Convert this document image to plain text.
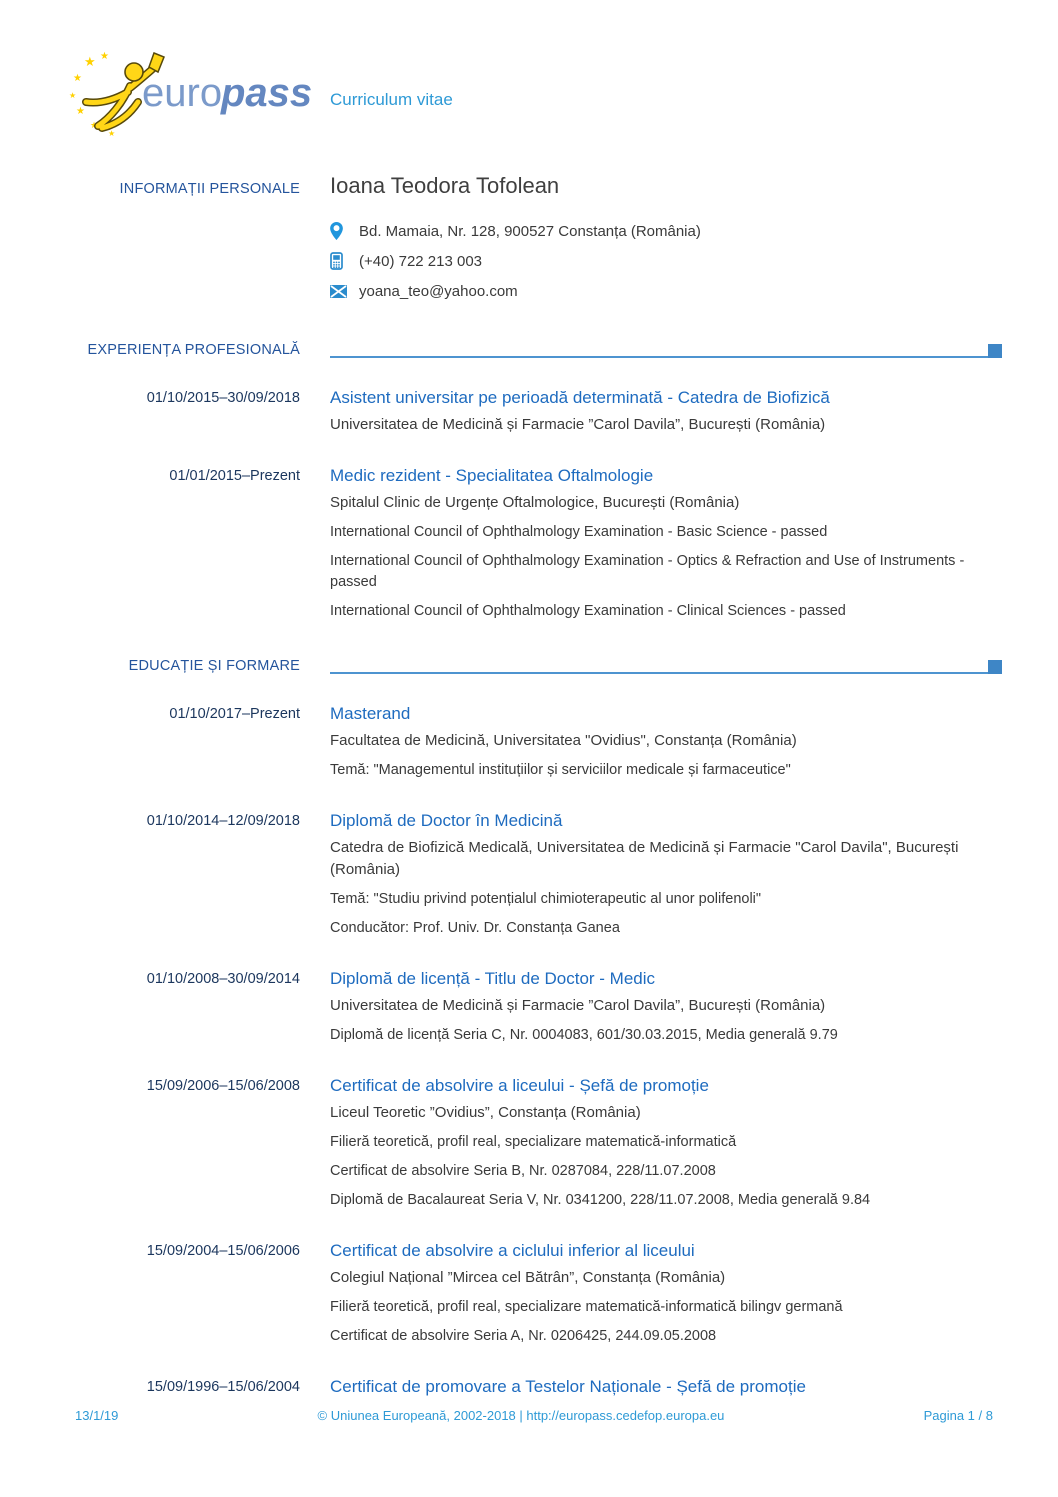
★ ★
★
★
★
★
★
euro
pass Curriculum vitae
INFORMAȚII PERSONALE Ioana Teodora Tofolean
Bd. Mamaia, Nr. 128, 900527 Constanța (România)
(+40) 722 213 003
yoana_teo@yahoo.com
EXPERIENȚA PROFESIONALĂ
01/10/2015–30/09/2018 Asistent universitar pe perioadă determinată - Catedra de Biofizică
Universitatea de Medicină și Farmacie ”Carol Davila”, București (România)
01/01/2015–Prezent Medic rezident - Specialitatea Oftalmologie
Spitalul Clinic de Urgențe Oftalmologice, București (România)
International Council of Ophthalmology Examination - Basic Science - passed
International Council of Ophthalmology Examination - Optics & Refraction and Use of Instruments - passed
International Council of Ophthalmology Examination - Clinical Sciences - passed
EDUCAȚIE ȘI FORMARE
01/10/2017–Prezent Masterand
Facultatea de Medicină, Universitatea "Ovidius", Constanța (România)
Temă: "Managementul instituțiilor și serviciilor medicale și farmaceutice"
01/10/2014–12/09/2018 Diplomă de Doctor în Medicină
Catedra de Biofizică Medicală, Universitatea de Medicină și Farmacie "Carol Davila", București (România)
Temă: "Studiu privind potențialul chimioterapeutic al unor polifenoli"
Conducător: Prof. Univ. Dr. Constanța Ganea
01/10/2008–30/09/2014 Diplomă de licență - Titlu de Doctor - Medic
Universitatea de Medicină și Farmacie ”Carol Davila”, București (România)
Diplomă de licență Seria C, Nr. 0004083, 601/30.03.2015, Media generală 9.79
15/09/2006–15/06/2008 Certificat de absolvire a liceului - Șefă de promoție
Liceul Teoretic ”Ovidius”, Constanța (România)
Filieră teoretică, profil real, specializare matematică-informatică
Certificat de absolvire Seria B, Nr. 0287084, 228/11.07.2008
Diplomă de Bacalaureat Seria V, Nr. 0341200, 228/11.07.2008, Media generală 9.84
15/09/2004–15/06/2006 Certificat de absolvire a ciclului inferior al liceului
Colegiul Național ”Mircea cel Bătrân”, Constanța (România)
Filieră teoretică, profil real, specializare matematică-informatică bilingv germană
Certificat de absolvire Seria A, Nr. 0206425, 244.09.05.2008
15/09/1996–15/06/2004 Certificat de promovare a Testelor Naționale - Șefă de promoție
13/1/19	© Uniunea Europeană, 2002-2018 | http://europass.cedefop.europa.eu	Pagina 1 / 8
